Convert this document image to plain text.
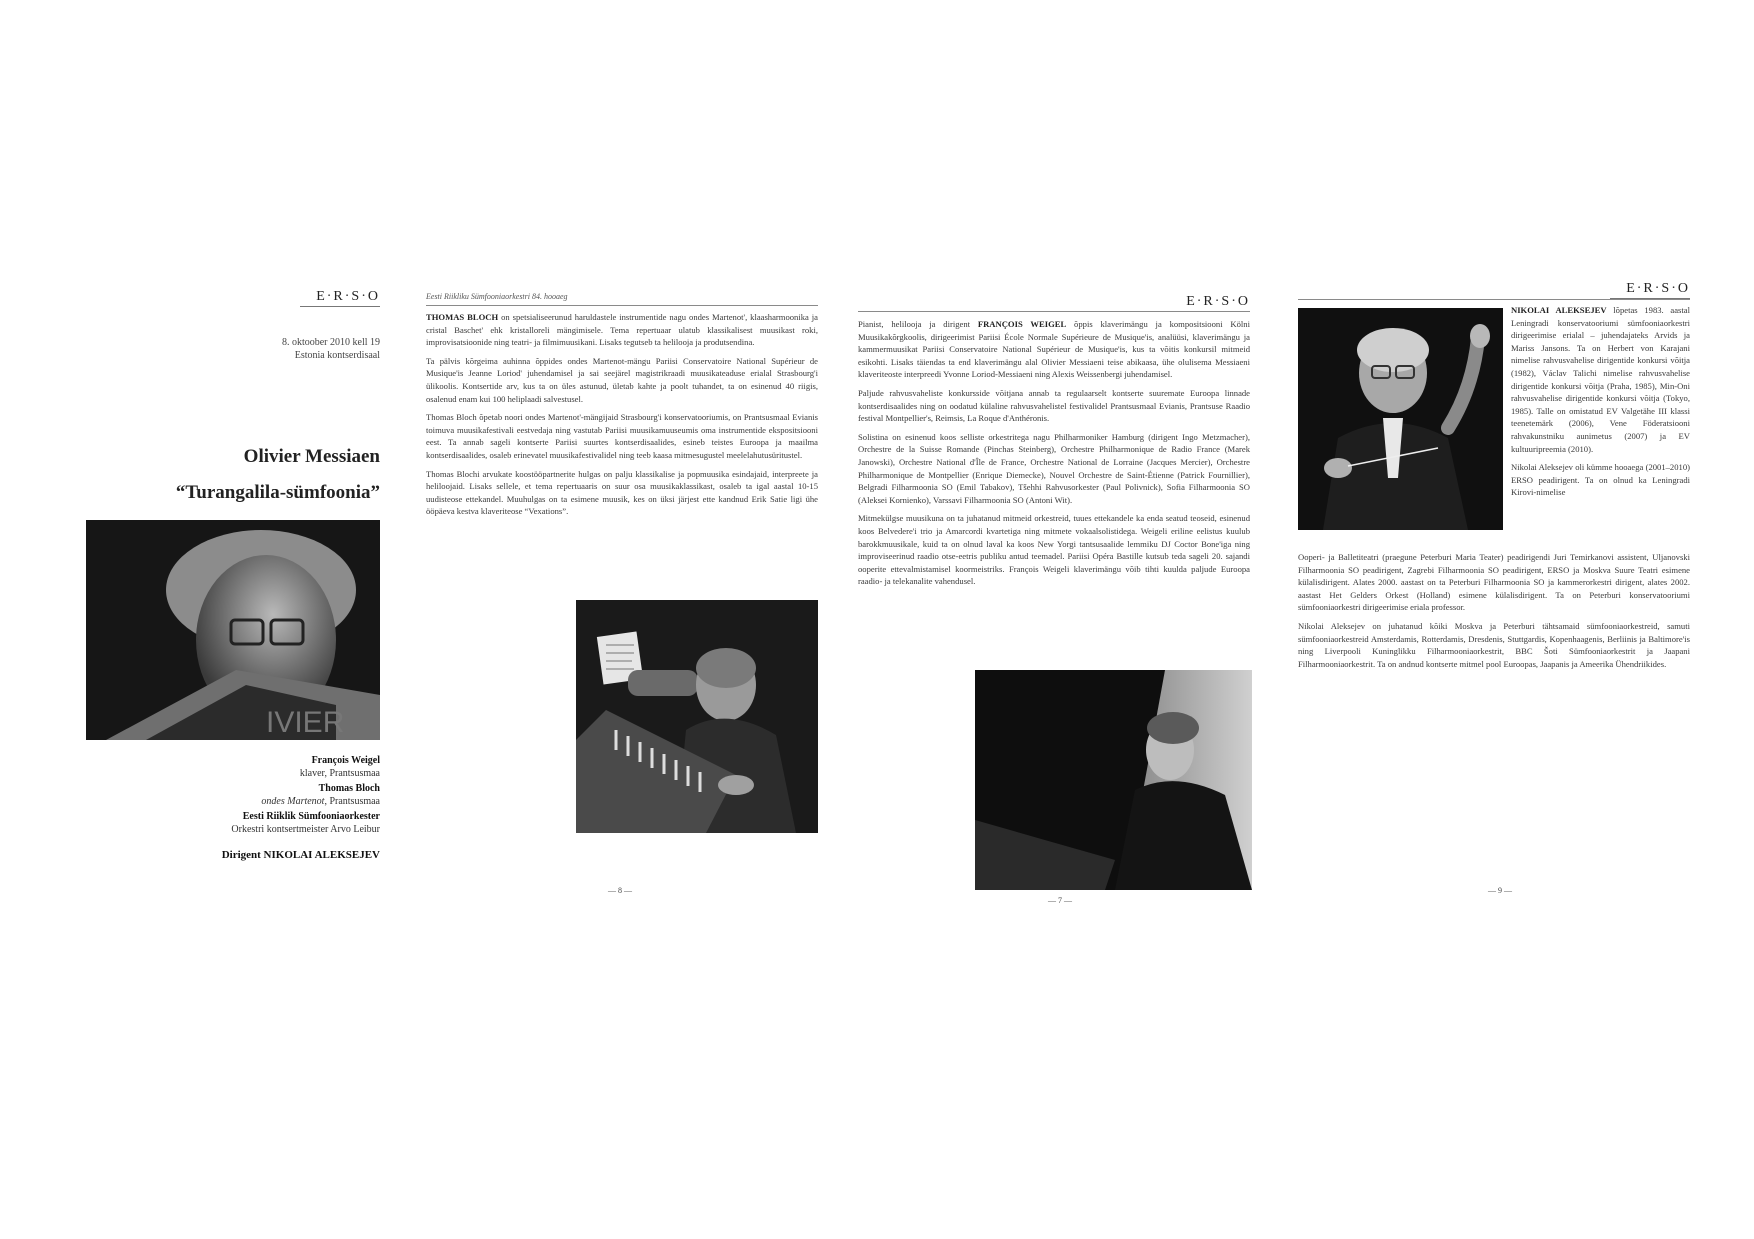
E·R·S·O
8. oktoober 2010 kell 19
Estonia kontserdisaal
Olivier Messiaen
“Turangalila-sümfoonia”
IVIER
François Weigel
klaver, Prantsusmaa
Thomas Bloch
ondes Martenot, Prantsusmaa
Eesti Riiklik Sümfooniaorkester
Orkestri kontsertmeister Arvo Leibur
Dirigent NIKOLAI ALEKSEJEV
Eesti Riikliku Sümfooniaorkestri 84. hooaeg

THOMAS BLOCH on spetsialiseerunud haruldastele instrumentide nagu ondes Martenot', klaasharmoonika ja cristal Baschet' ehk kristalloreli mängimisele. Tema repertuaar ulatub klassikalisest muusikast roki, improvisatsioonide ning teatri- ja filmimuusikani. Lisaks tegutseb ta helilooja ja produtsendina.

Ta pälvis kõrgeima auhinna õppides ondes Martenot-mängu Pariisi Conservatoire National Supérieur de Musique'is Jeanne Loriod' juhendamisel ja sai seejärel magistrikraadi muusikateaduse erialal Strasbourg'i ülikoolis. Kontsertide arv, kus ta on üles astunud, ületab kahte ja poolt tuhandet, ta on esinenud 40 riigis, osalenud enam kui 100 heliplaadi salvestusel.

Thomas Bloch õpetab noori ondes Martenot'-mängijaid Strasbourg'i konservatooriumis, on Prantsusmaal Evianis toimuva muusikafestivali eestvedaja ning vastutab Pariisi muusikamuuseumis oma instrumentide ekspositsiooni eest. Ta annab sageli kontserte Pariisi suurtes kontserdisaalides, esineb teistes Euroopa ja maailma kontserdisaalides, osaleb erinevatel muusikafestivalidel ning teeb kaasa mitmesugustel meelelahutusüritustel.

Thomas Blochi arvukate koostööpartnerite hulgas on palju klassikalise ja popmuusika esindajaid, interpreete ja heliloojaid. Lisaks sellele, et tema repertuaaris on suur osa muusikaklassikast, osaleb ta igal aastal 10-15 uudisteose ettekandel. Muuhulgas on ta esimene muusik, kes on üksi järjest ette kandnud Erik Satie ligi ühe ööpäeva kestva klaveriteose “Vexations”.

— 8 —
E·R·S·O

Pianist, helilooja ja dirigent FRANÇOIS WEIGEL õppis klaverimängu ja kompositsiooni Kölni Muusikakõrgkoolis, dirigeerimist Pariisi École Normale Supérieure de Musique'is, analüüsi, klaverimängu ja kammermuusikat Pariisi Conservatoire National Supérieur de Musique'is, kus ta võitis konkursil mitmeid esikohti. Lisaks täiendas ta end klaverimängu alal Olivier Messiaeni teise abikaasa, ühe olulisema Messiaeni klaveriteoste interpreedi Yvonne Loriod-Messiaeni ning Alexis Weissenbergi juhendamisel.

Paljude rahvusvaheliste konkursside võitjana annab ta regulaarselt kontserte suuremate Euroopa linnade kontserdisaalides ning on oodatud külaline rahvusvahelistel festivalidel Prantsusmaal Evianis, Prantsuse Raadio festival Montpellier's, Reimsis, La Roque d'Anthéronis.

Solistina on esinenud koos selliste orkestritega nagu Philharmoniker Hamburg (dirigent Ingo Metzmacher), Orchestre de la Suisse Romande (Pinchas Steinberg), Orchestre Philharmonique de Radio France (Marek Janowski), Orchestre National d'Île de France, Orchestre National de Lorraine (Jacques Mercier), Orchestre Philharmonique de Montpellier (Enrique Diemecke), Nouvel Orchestre de Saint-Étienne (Patrick Fournillier), Belgradi Filharmoonia SO (Emil Tabakov), Tšehhi Rahvusorkester (Paul Polivnick), Sofia Filharmoonia SO (Aleksei Kornienko), Varssavi Filharmoonia SO (Antoni Wit).

Mitmekülgse muusikuna on ta juhatanud mitmeid orkestreid, tuues ettekandele ka enda seatud teoseid, esinenud koos Belvedere'i trio ja Amarcordi kvartetiga ning mitmete vokaalsolistidega. Weigeli eriline eelistus kuulub barokkmuusikale, kuid ta on olnud laval ka koos New Yorgi tantsusaalide lemmiku DJ Coctor Bone'iga ning improviseerinud raadio otse-eetris publiku antud teemadel. Pariisi Opéra Bastille kutsub teda sageli 20. sajandi ooperite ettevalmistamisel koormeistriks. François Weigeli klaverimängu võib tihti kuulda paljude Euroopa raadio- ja telekanalite vahendusel.

— 7 —
E·R·S·O

NIKOLAI ALEKSEJEV lõpetas 1983. aastal Leningradi konservatooriumi sümfooniaorkestri dirigeerimise erialal – juhendajateks Arvids ja Mariss Jansons. Ta on Herbert von Karajani nimelise rahvusvahelise dirigentide konkursi võitja (1982), Václav Talichi nimelise rahvusvahelise dirigentide konkursi võitja (Praha, 1985), Min-Oni rahvusvahelise dirigentide konkursi võitja (Tokyo, 1985). Talle on omistatud EV Valgetähe III klassi teenetemärk (2006), Vene Föderatsiooni rahvakunstniku aunimetus (2007) ja EV kultuuripreemia (2010).

Nikolai Aleksejev oli kümme hooaega (2001–2010) ERSO peadirigent. Ta on olnud ka Leningradi Kirovi-nimelise

Ooperi- ja Balletiteatri (praegune Peterburi Maria Teater) peadirigendi Juri Temirkanovi assistent, Uljanovski Filharmoonia SO peadirigent, Zagrebi Filharmoonia SO peadirigent, ERSO ja Moskva Suure Teatri esimene külalisdirigent. Alates 2000. aastast on ta Peterburi Filharmoonia SO ja kammerorkestri dirigent, alates 2002. aastast Het Gelders Orkest (Holland) esimene külalisdirigent. Ta on Peterburi konservatooriumi sümfooniaorkestri dirigeerimise eriala professor.

Nikolai Aleksejev on juhatanud kõiki Moskva ja Peterburi tähtsamaid sümfooniaorkestreid, samuti sümfooniaorkestreid Amsterdamis, Rotterdamis, Dresdenis, Stuttgardis, Kopenhaagenis, Berliinis ja Baltimore'is ning Liverpooli Kuninglikku Filharmooniaorkestrit, BBC Šoti Sümfooniaorkestrit ja Jaapani Filharmooniaorkestrit. Ta on andnud kontserte mitmel pool Euroopas, Jaapanis ja Ameerika Ühendriikides.

— 9 —
